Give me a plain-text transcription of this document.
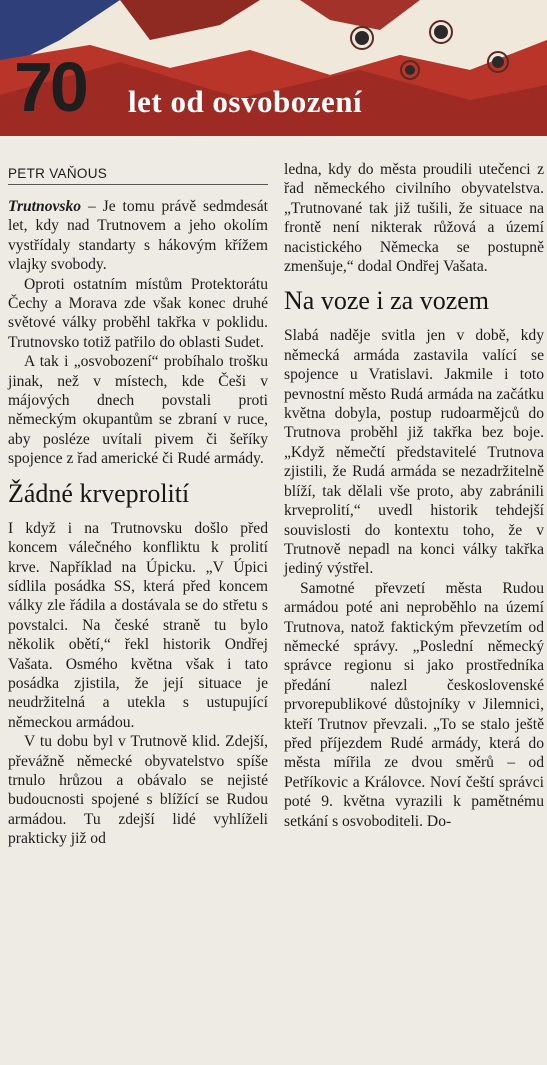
70 let od osvobození
PETR VAŇOUS

Trutnovsko – Je tomu právě sedmdesát let, kdy nad Trutnovem a jeho okolím vystřídaly standarty s hákovým křížem vlajky svobody.

Oproti ostatním místům Protektorátu Čechy a Morava zde však konec druhé světové války proběhl takřka v poklidu. Trutnovsko totiž patřilo do oblasti Sudet.

A tak i „osvobození“ probíhalo trošku jinak, než v místech, kde Češi v májových dnech povstali proti německým okupantům se zbraní v ruce, aby posléze uvítali pivem či šeříky spojence z řad americké či Rudé armády.

Žádné krveprolití

I když i na Trutnovsku došlo před koncem válečného konfliktu k prolití krve. Například na Úpicku. „V Úpici sídlila posádka SS, která před koncem války zle řádila a dostávala se do střetu s povstalci. Na české straně tu bylo několik obětí,“ řekl historik Ondřej Vašata. Osmého května však i tato posádka zjistila, že její situace je neudržitelná a utekla s ustupující německou armádou.

V tu dobu byl v Trutnově klid. Zdejší, převážně německé obyvatelstvo spíše trnulo hrůzou a obávalo se nejisté budoucnosti spojené s blížící se Rudou armádou. Tu zdejší lidé vyhlíželi prakticky již od

ledna, kdy do města proudili utečenci z řad německého civilního obyvatelstva. „Trutnované tak již tušili, že situace na frontě není nikterak růžová a území nacistického Německa se postupně zmenšuje,“ dodal Ondřej Vašata.

Na voze i za vozem

Slabá naděje svitla jen v době, kdy německá armáda zastavila valící se spojence u Vratislavi. Jakmile i toto pevnostní město Rudá armáda na začátku května dobyla, postup rudoarmějců do Trutnova proběhl již takřka bez boje. „Když němečtí představitelé Trutnova zjistili, že Rudá armáda se nezadržitelně blíží, tak dělali vše proto, aby zabránili krveprolití,“ uvedl historik tehdejší souvislosti do kontextu toho, že v Trutnově nepadl na konci války takřka jediný výstřel.

Samotné převzetí města Rudou armádou poté ani neproběhlo na území Trutnova, natož faktickým převzetím od německé správy. „Poslední německý správce regionu si jako prostředníka předání nalezl československé prvorepublikové důstojníky v Jilemnici, kteří Trutnov převzali. „To se stalo ještě před příjezdem Rudé armády, která do města mířila ze dvou směrů – od Petříkovic a Královce. Noví čeští správci poté 9. května vyrazili k pamětnému setkání s osvoboditeli. Do-
